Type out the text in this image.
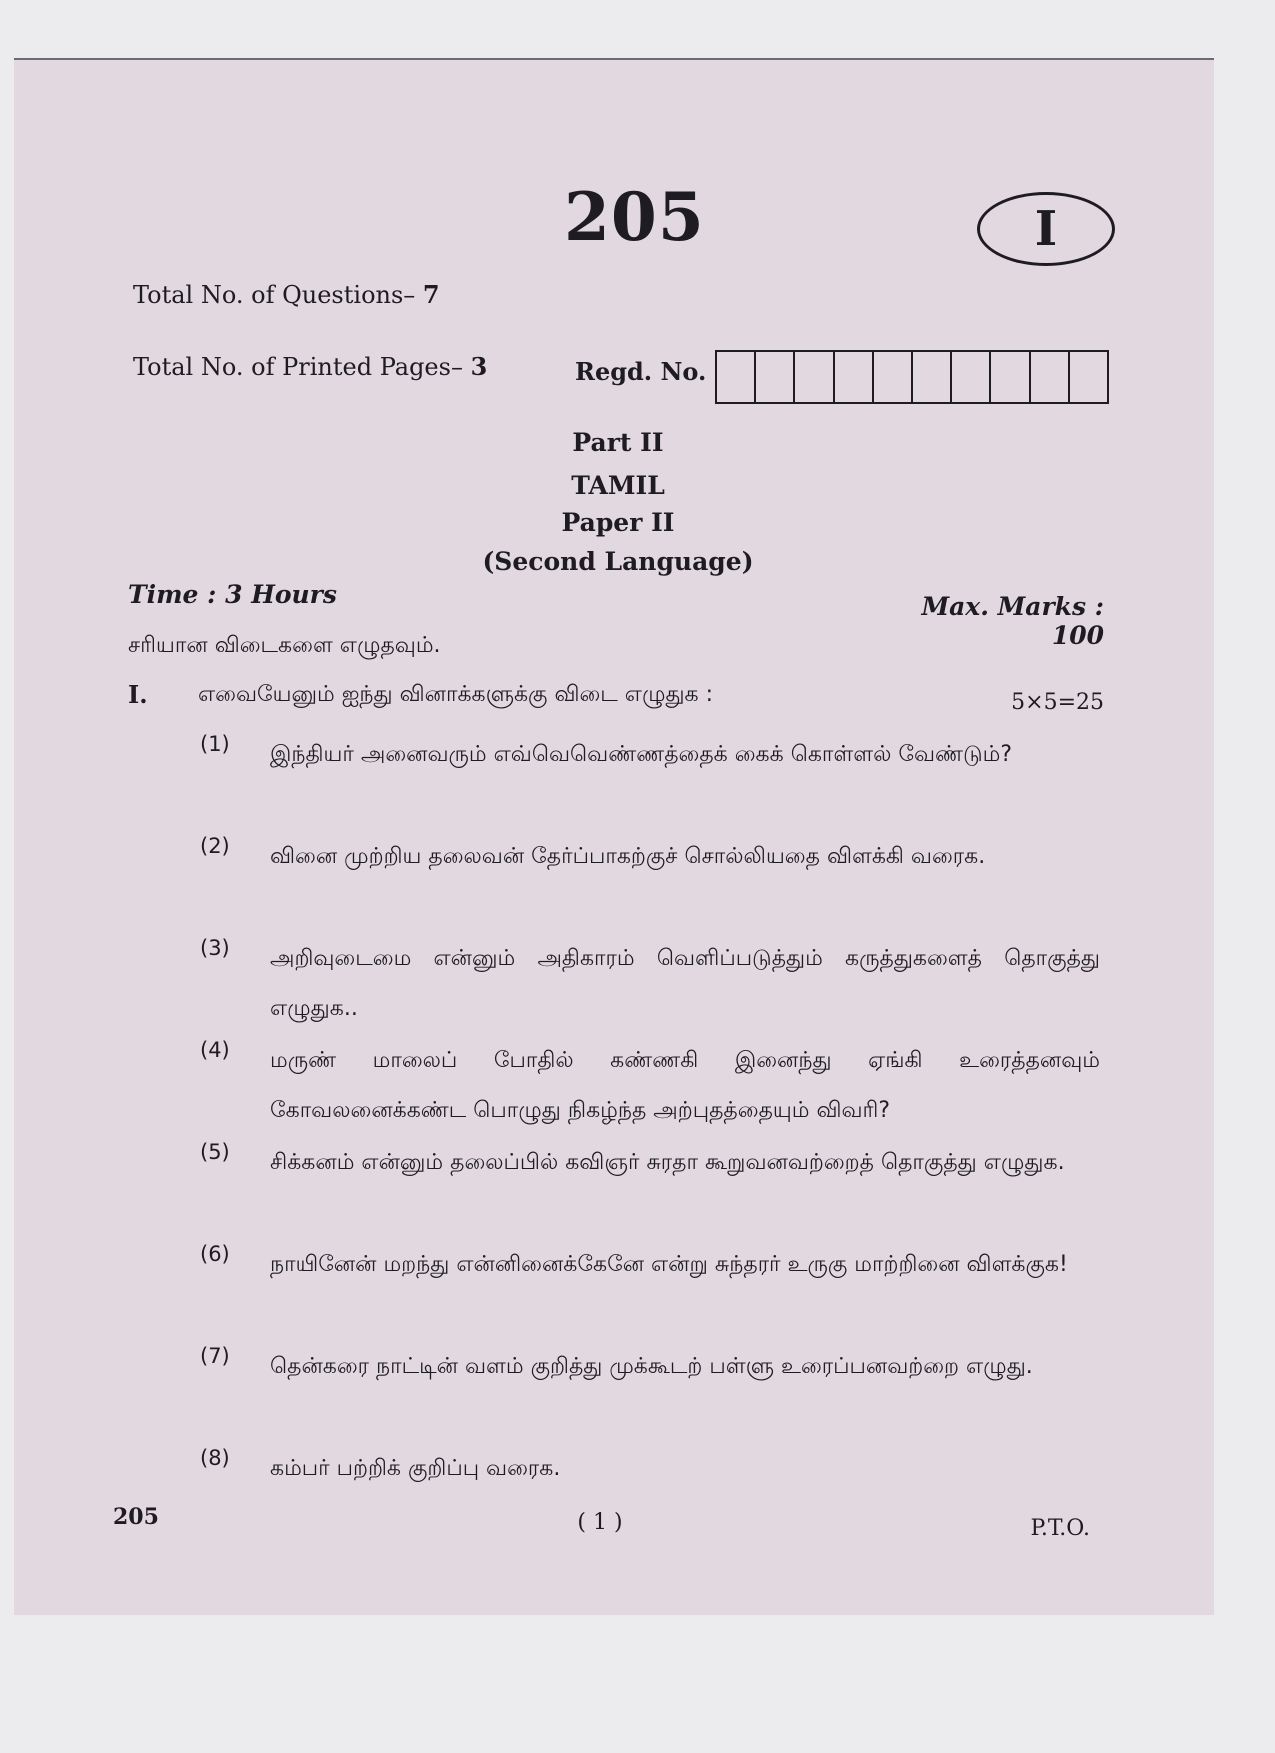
205	I
Total No. of Questions– 7
Total No. of Printed Pages– 3	Regd. No.
Part II
TAMIL
Paper II
(Second Language)
Time : 3 Hours	Max. Marks : 100
சரியான விடைகளை எழுதவும்.
I. எவையேனும் ஐந்து வினாக்களுக்கு விடை எழுதுக :	5×5=25
(1) இந்தியர் அனைவரும் எவ்வெவெண்ணத்தைக் கைக் கொள்ளல் வேண்டும்?
(2) வினை முற்றிய தலைவன் தேர்ப்பாகற்குச் சொல்லியதை விளக்கி வரைக.
(3) அறிவுடைமை என்னும் அதிகாரம் வெளிப்படுத்தும் கருத்துகளைத் தொகுத்து எழுதுக..
(4) மருண் மாலைப் போதில் கண்ணகி இனைந்து ஏங்கி உரைத்தனவும் கோவலனைக்கண்ட பொழுது நிகழ்ந்த அற்புதத்தையும் விவரி?
(5) சிக்கனம் என்னும் தலைப்பில் கவிஞர் சுரதா கூறுவனவற்றைத் தொகுத்து எழுதுக.
(6) நாயினேன் மறந்து என்னினைக்கேனே என்று சுந்தரர் உருகு மாற்றினை விளக்குக!
(7) தென்கரை நாட்டின் வளம் குறித்து முக்கூடற் பள்ளு உரைப்பனவற்றை எழுது.
(8) கம்பர் பற்றிக் குறிப்பு வரைக.
205	( 1 )	P.T.O.
